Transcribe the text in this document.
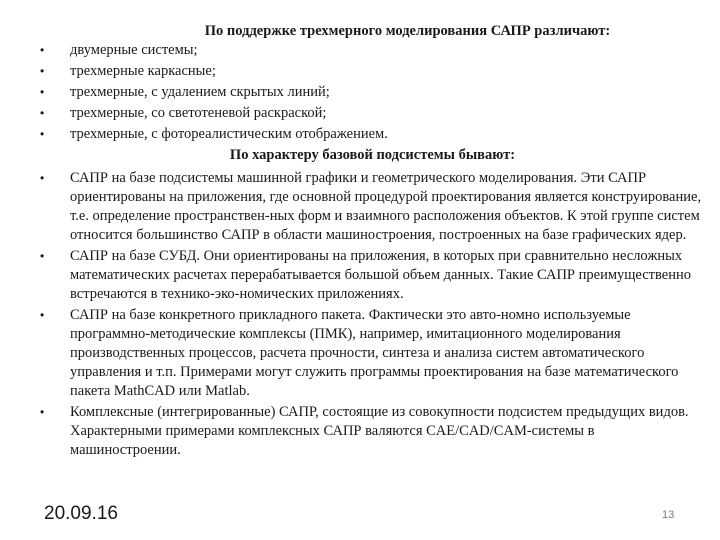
По поддержке трехмерного моделирования САПР различают:

•	двумерные системы;
•	трехмерные каркасные;
•	трехмерные, с удалением скрытых линий;
•	трехмерные, со светотеневой раскраской;
•	трехмерные, с фотореалистическим отображением.

По характеру базовой подсистемы бывают:

•	САПР на базе подсистемы машинной графики и геометрического моделирования. Эти САПР ориентированы на приложения, где основной процедурой проектирования является конструирование, т.е. определение пространствен-ных форм и взаимного расположения объектов. К этой группе систем относится большинство САПР в области машиностроения, построенных на базе графических ядер.
•	САПР на базе СУБД. Они ориентированы на приложения, в которых при сравнительно несложных математических расчетах перерабатывается большой объем данных. Такие САПР преимущественно встречаются в технико-эко-номических приложениях.
•	САПР на базе конкретного прикладного пакета. Фактически это авто-номно используемые программно-методические комплексы (ПМК), например, имитационного моделирования производственных процессов, расчета прочности, синтеза и анализа систем автоматического управления и т.п. Примерами могут служить программы проектирования на базе математического пакета MathCAD или Matlab.
•	Комплексные (интегрированные) САПР, состоящие из совокупности подсистем предыдущих видов. Характерными примерами комплексных САПР валяются CAE/CAD/CAM-системы в машиностроении.
20.09.16	13
